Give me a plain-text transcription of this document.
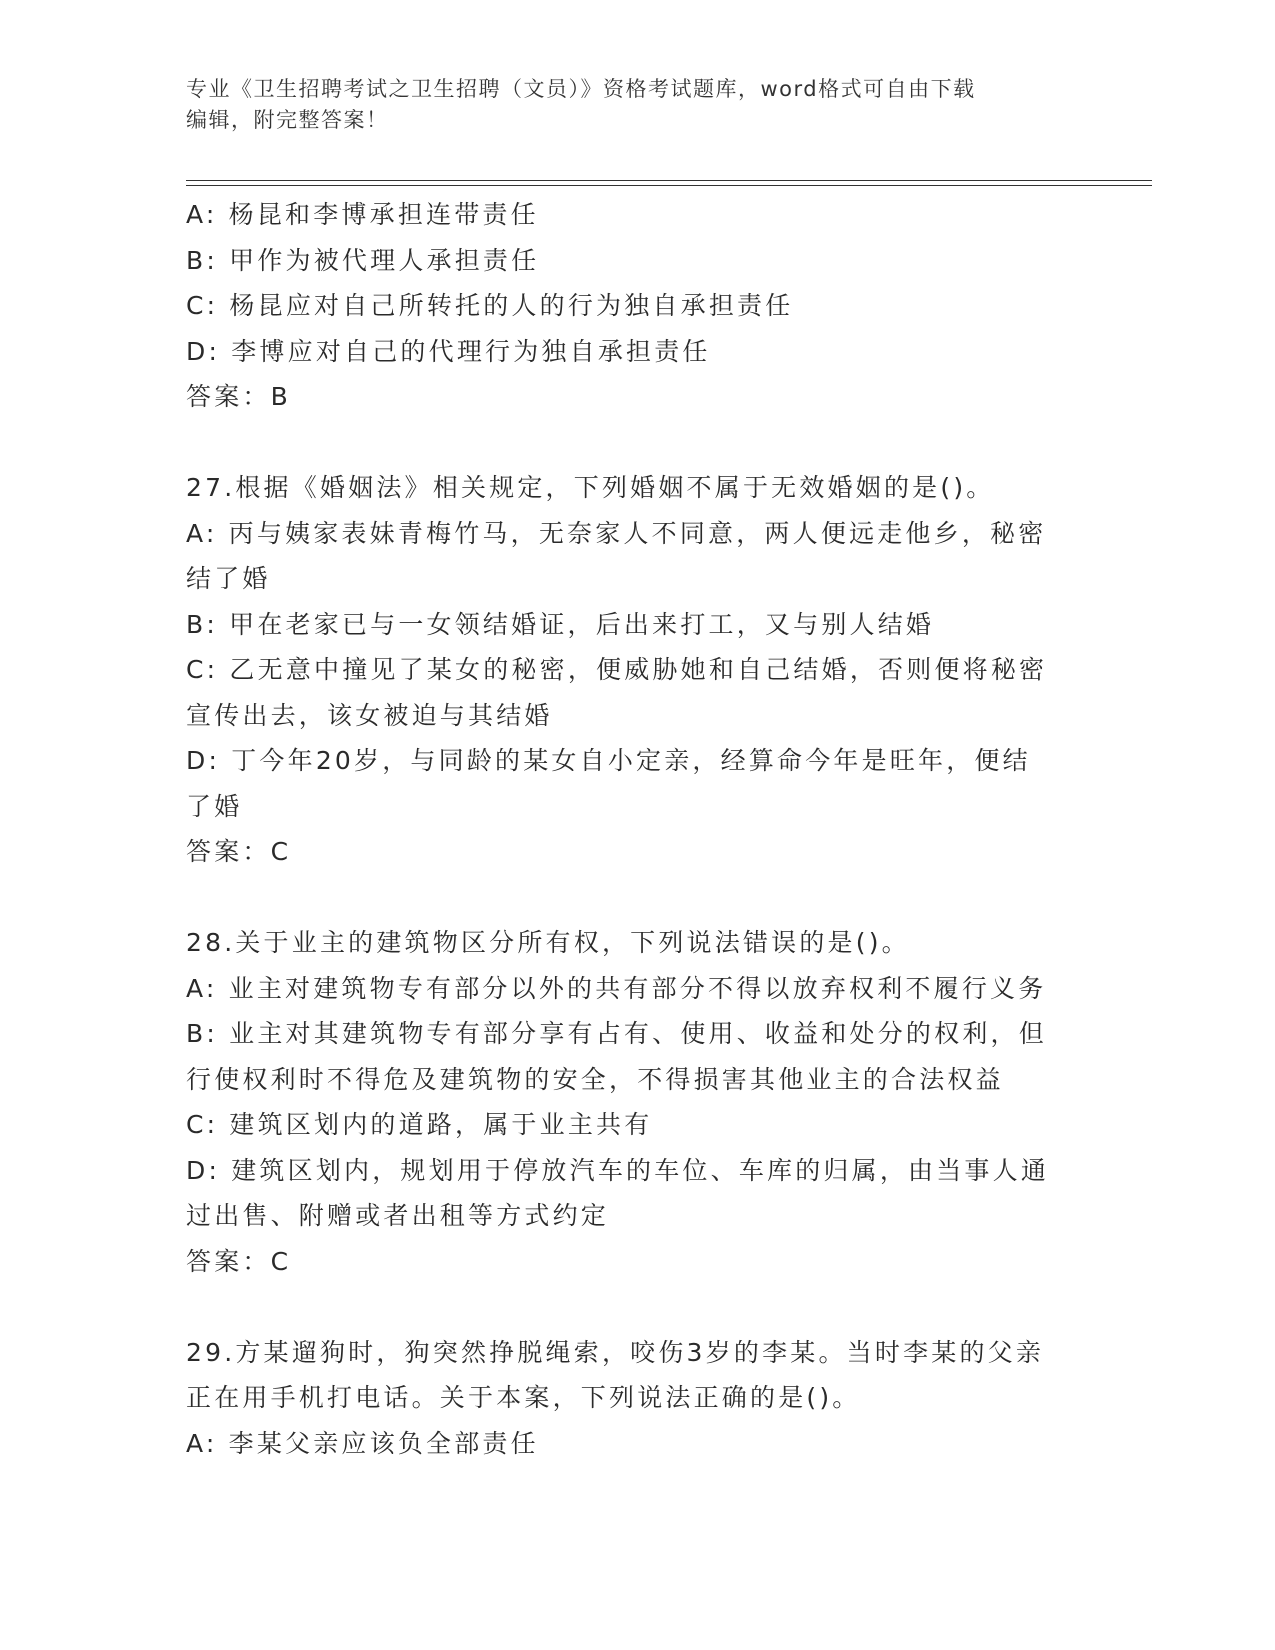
专业《卫生招聘考试之卫生招聘（文员）》资格考试题库，word格式可自由下载
编辑，附完整答案！
A: 杨昆和李博承担连带责任
B: 甲作为被代理人承担责任
C: 杨昆应对自己所转托的人的行为独自承担责任
D: 李博应对自己的代理行为独自承担责任
答案：B
27.根据《婚姻法》相关规定，下列婚姻不属于无效婚姻的是()。
A: 丙与姨家表妹青梅竹马，无奈家人不同意，两人便远走他乡，秘密
结了婚
B: 甲在老家已与一女领结婚证，后出来打工，又与别人结婚
C: 乙无意中撞见了某女的秘密，便威胁她和自己结婚，否则便将秘密
宣传出去，该女被迫与其结婚
D: 丁今年20岁，与同龄的某女自小定亲，经算命今年是旺年，便结
了婚
答案：C
28.关于业主的建筑物区分所有权，下列说法错误的是()。
A: 业主对建筑物专有部分以外的共有部分不得以放弃权利不履行义务
B: 业主对其建筑物专有部分享有占有、使用、收益和处分的权利，但
行使权利时不得危及建筑物的安全，不得损害其他业主的合法权益
C: 建筑区划内的道路，属于业主共有
D: 建筑区划内，规划用于停放汽车的车位、车库的归属，由当事人通
过出售、附赠或者出租等方式约定
答案：C
29.方某遛狗时，狗突然挣脱绳索，咬伤3岁的李某。当时李某的父亲
正在用手机打电话。关于本案，下列说法正确的是()。
A: 李某父亲应该负全部责任
